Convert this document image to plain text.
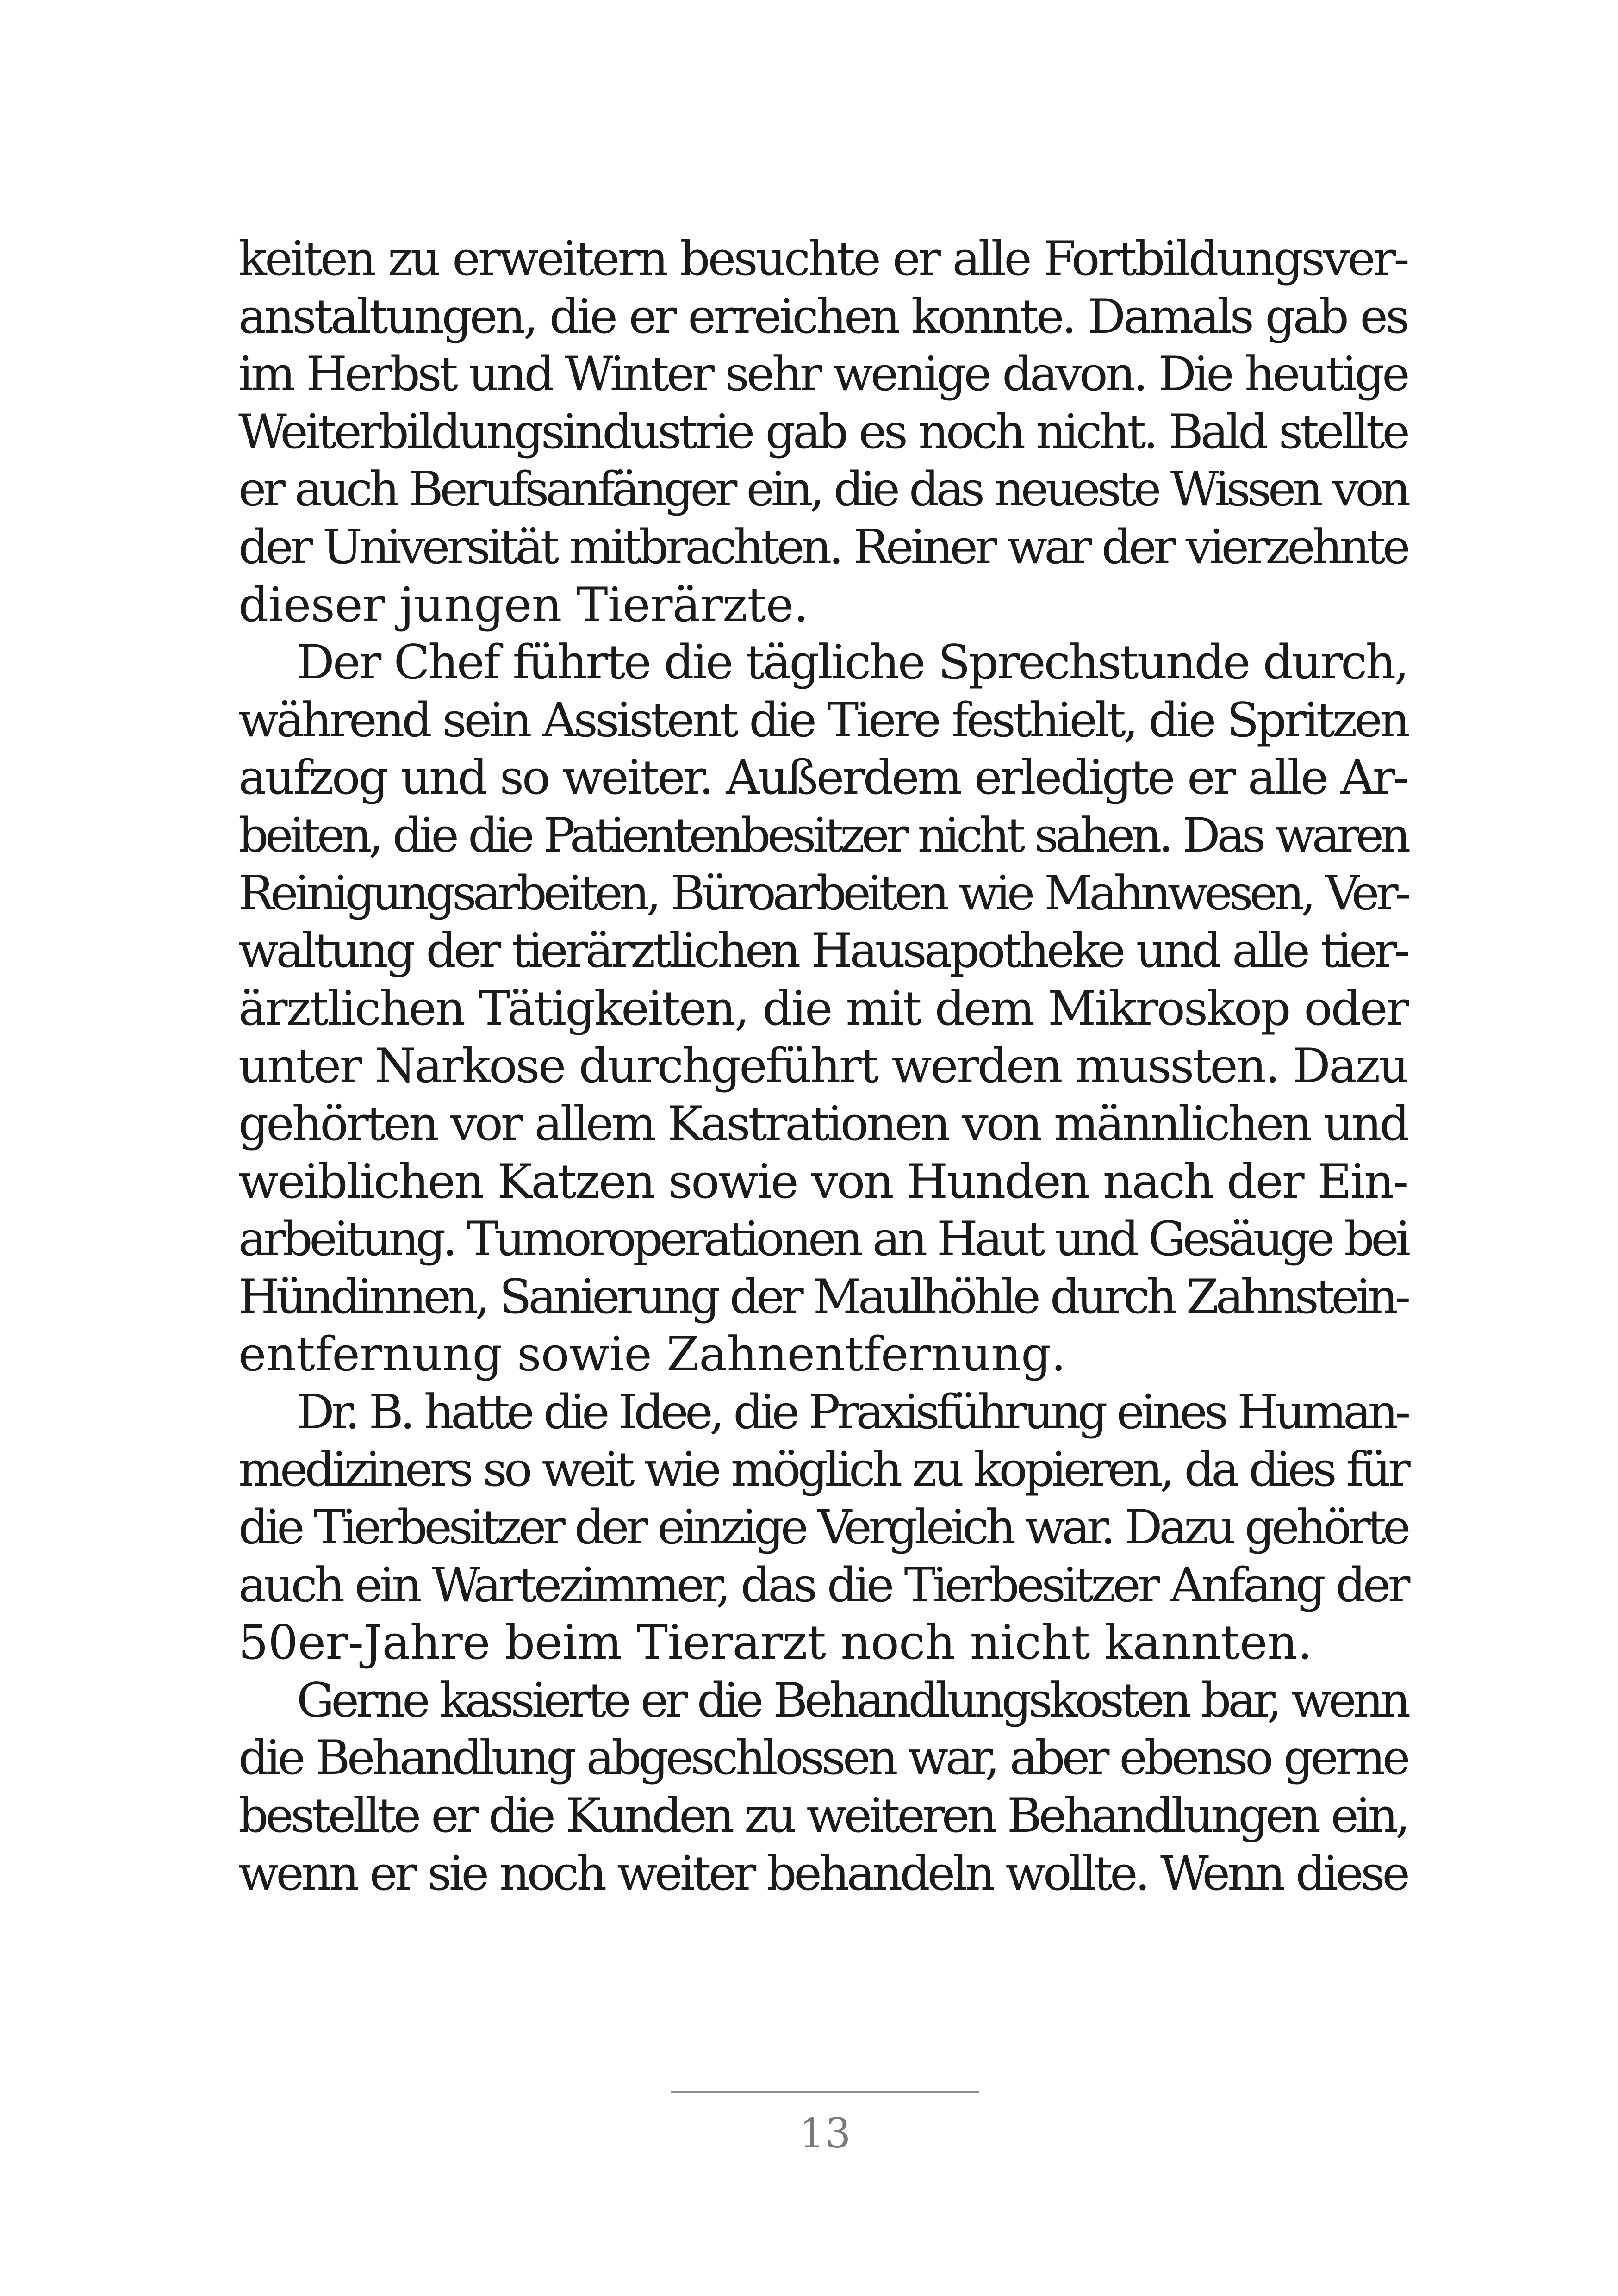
keiten zu erweitern besuchte er alle Fortbildungsver-
anstaltungen, die er erreichen konnte. Damals gab es
im Herbst und Winter sehr wenige davon. Die heutige
Weiterbildungsindustrie gab es noch nicht. Bald stellte
er auch Berufsanfänger ein, die das neueste Wissen von
der Universität mitbrachten. Reiner war der vierzehnte
dieser jungen Tierärzte.
Der Chef führte die tägliche Sprechstunde durch,
während sein Assistent die Tiere festhielt, die Spritzen
aufzog und so weiter. Außerdem erledigte er alle Ar-
beiten, die die Patientenbesitzer nicht sahen. Das waren
Reinigungsarbeiten, Büroarbeiten wie Mahnwesen, Ver-
waltung der tierärztlichen Hausapotheke und alle tier-
ärztlichen Tätigkeiten, die mit dem Mikroskop oder
unter Narkose durchgeführt werden mussten. Dazu
gehörten vor allem Kastrationen von männlichen und
weiblichen Katzen sowie von Hunden nach der Ein-
arbeitung. Tumoroperationen an Haut und Gesäuge bei
Hündinnen, Sanierung der Maulhöhle durch Zahnstein-
entfernung sowie Zahnentfernung.
Dr. B. hatte die Idee, die Praxisführung eines Human-
mediziners so weit wie möglich zu kopieren, da dies für
die Tierbesitzer der einzige Vergleich war. Dazu gehörte
auch ein Wartezimmer, das die Tierbesitzer Anfang der
50er-Jahre beim Tierarzt noch nicht kannten.
Gerne kassierte er die Behandlungskosten bar, wenn
die Behandlung abgeschlossen war, aber ebenso gerne
bestellte er die Kunden zu weiteren Behandlungen ein,
wenn er sie noch weiter behandeln wollte. Wenn diese
13
